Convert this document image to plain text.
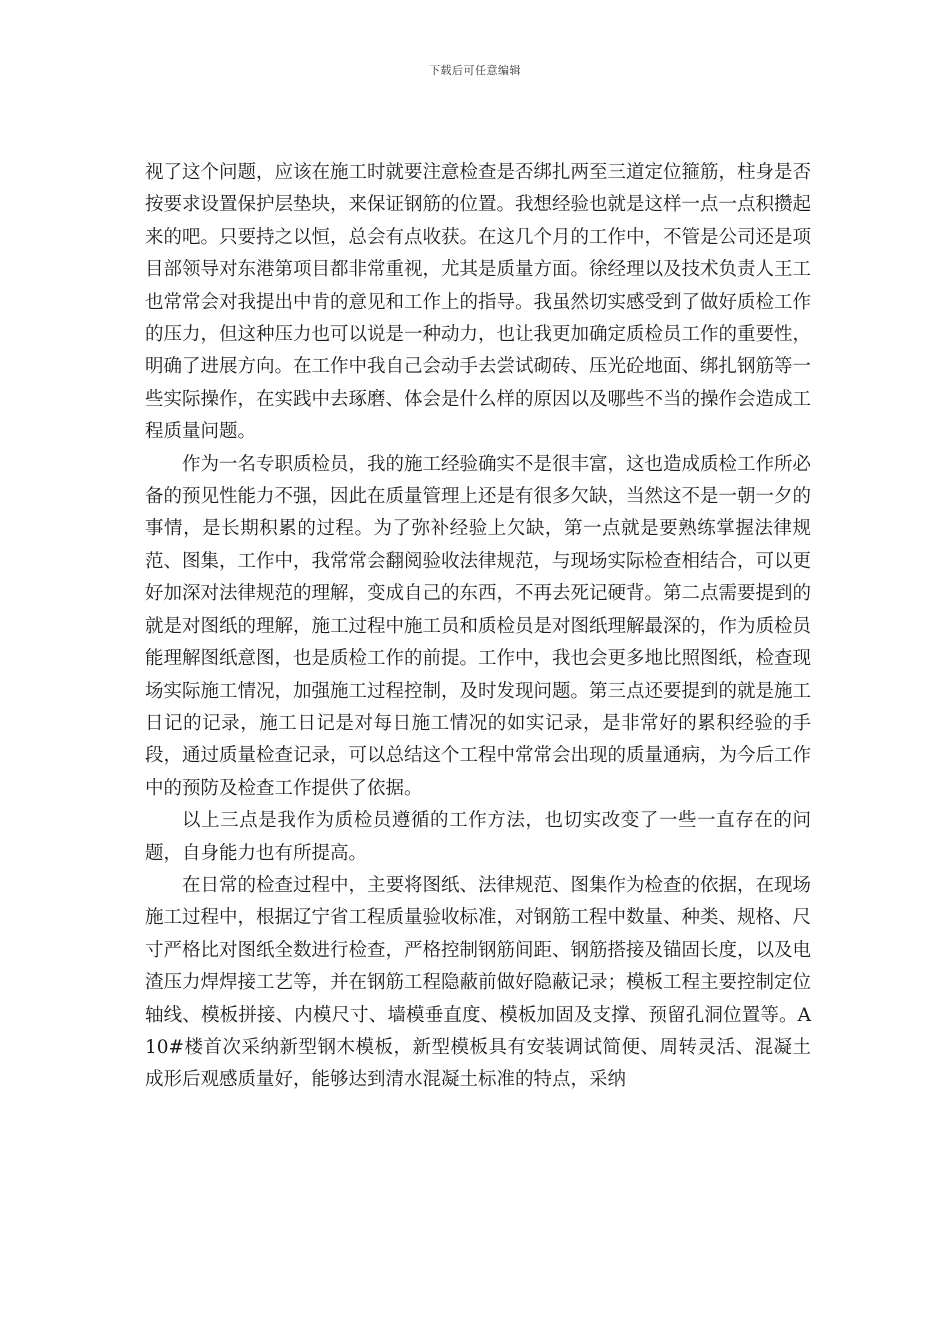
下载后可任意编辑

视了这个问题，应该在施工时就要注意检查是否绑扎两至三道定位箍筋，柱身是否按要求设置保护层垫块，来保证钢筋的位置。我想经验也就是这样一点一点积攒起来的吧。只要持之以恒，总会有点收获。在这几个月的工作中，不管是公司还是项目部领导对东港第项目都非常重视，尤其是质量方面。徐经理以及技术负责人王工也常常会对我提出中肯的意见和工作上的指导。我虽然切实感受到了做好质检工作的压力，但这种压力也可以说是一种动力，也让我更加确定质检员工作的重要性，明确了进展方向。在工作中我自己会动手去尝试砌砖、压光砼地面、绑扎钢筋等一些实际操作，在实践中去琢磨、体会是什么样的原因以及哪些不当的操作会造成工程质量问题。

作为一名专职质检员，我的施工经验确实不是很丰富，这也造成质检工作所必备的预见性能力不强，因此在质量管理上还是有很多欠缺，当然这不是一朝一夕的事情，是长期积累的过程。为了弥补经验上欠缺，第一点就是要熟练掌握法律规范、图集，工作中，我常常会翻阅验收法律规范，与现场实际检查相结合，可以更好加深对法律规范的理解，变成自己的东西，不再去死记硬背。第二点需要提到的就是对图纸的理解，施工过程中施工员和质检员是对图纸理解最深的，作为质检员能理解图纸意图，也是质检工作的前提。工作中，我也会更多地比照图纸，检查现场实际施工情况，加强施工过程控制，及时发现问题。第三点还要提到的就是施工日记的记录，施工日记是对每日施工情况的如实记录，是非常好的累积经验的手段，通过质量检查记录，可以总结这个工程中常常会出现的质量通病，为今后工作中的预防及检查工作提供了依据。

以上三点是我作为质检员遵循的工作方法，也切实改变了一些一直存在的问题，自身能力也有所提高。

在日常的检查过程中，主要将图纸、法律规范、图集作为检查的依据，在现场施工过程中，根据辽宁省工程质量验收标准，对钢筋工程中数量、种类、规格、尺寸严格比对图纸全数进行检查，严格控制钢筋间距、钢筋搭接及锚固长度，以及电渣压力焊焊接工艺等，并在钢筋工程隐蔽前做好隐蔽记录；模板工程主要控制定位轴线、模板拼接、内模尺寸、墙模垂直度、模板加固及支撑、预留孔洞位置等。A10#楼首次采纳新型钢木模板，新型模板具有安装调试简便、周转灵活、混凝土成形后观感质量好，能够达到清水混凝土标准的特点，采纳
